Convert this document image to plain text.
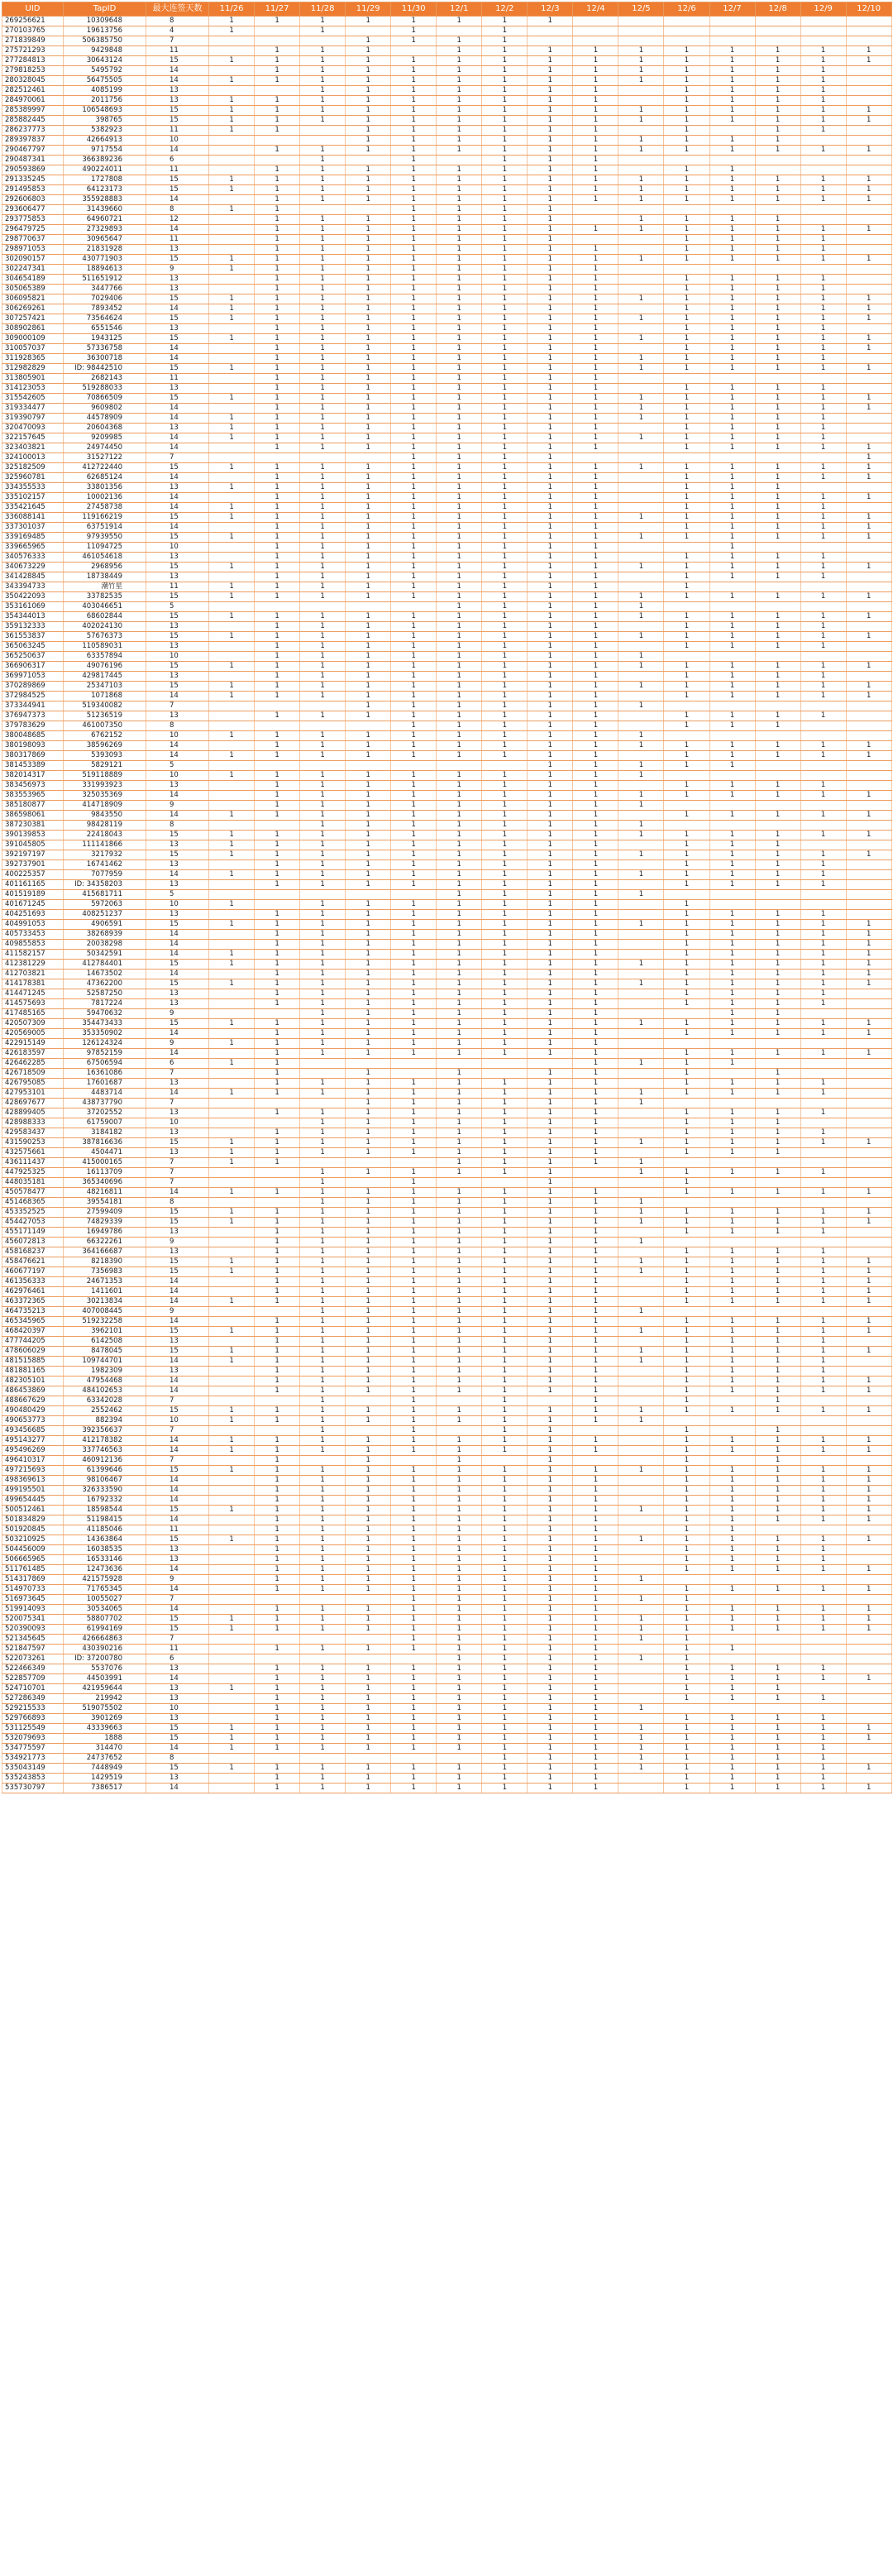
UID	TapID	最大连签天数	11/26	11/27	11/28	11/29	11/30	12/1	12/2	12/3	12/4	12/5	12/6	12/7	12/8	12/9	12/10
269256621	10309648	8	1	1	1	1	1	1	1	1							
270103765	19613756	4	1		1		1		1								
271839849	506385750	7				1	1	1	1								
275721293	9429848	11		1	1	1		1	1	1	1	1	1	1	1	1	1
277284813	30643124	15	1	1	1	1	1	1	1	1	1	1	1	1	1	1	1
279818253	5495792	14		1	1	1	1	1	1	1	1	1	1	1	1	1	
280328045	56475505	14	1	1	1	1	1	1	1	1	1	1	1	1	1	1	
282512461	4085199	13			1	1	1	1	1	1	1		1	1	1	1	
284970061	2011756	13	1	1	1	1	1	1	1	1	1		1	1	1	1	
285389997	106548693	15	1	1	1	1	1	1	1	1	1	1	1	1	1	1	1
285882445	398765	15	1	1	1	1	1	1	1	1	1	1	1	1	1	1	1
286237773	5382923	11	1	1		1	1	1	1	1	1		1		1	1	
289397837	42664913	10				1	1	1	1	1	1	1	1	1	1		
290467797	9717554	14		1	1	1	1	1	1	1	1	1	1	1	1	1	1
290487341	366389236	6			1		1		1	1	1						
290593869	490224011	11		1	1	1	1	1	1	1	1		1	1			
291335245	1727808	15	1	1	1	1	1	1	1	1	1	1	1	1	1	1	1
291495853	64123173	15	1	1	1	1	1	1	1	1	1	1	1	1	1	1	1
292606803	355928883	14		1	1	1	1	1	1	1	1	1	1	1	1	1	1
293606477	31439660	8	1	1			1	1	1	1							
293775853	64960721	12		1	1	1	1	1	1	1		1	1	1	1		
296479725	27329893	14		1	1	1	1	1	1	1	1	1	1	1	1	1	1
298770637	30965647	11		1	1	1	1	1	1	1			1	1	1	1	
298971053	21831928	13		1	1	1	1	1	1	1	1		1	1	1	1	
302090157	430771903	15	1	1	1	1	1	1	1	1	1	1	1	1	1	1	1
302247341	18894613	9	1	1	1	1	1	1	1	1	1						
304654189	511651912	13		1	1	1	1	1	1	1	1		1	1	1	1	
305065389	3447766	13		1	1	1	1	1	1	1	1		1	1	1	1	
306095821	7029406	15	1	1	1	1	1	1	1	1	1	1	1	1	1	1	1
306269261	7893452	14	1	1	1	1	1	1	1	1	1		1	1	1	1	1
307257421	73564624	15	1	1	1	1	1	1	1	1	1	1	1	1	1	1	1
308902861	6551546	13		1	1	1	1	1	1	1	1		1	1	1	1	
309000109	1943125	15	1	1	1	1	1	1	1	1	1	1	1	1	1	1	1
310057037	57336758	14		1	1	1	1	1	1	1	1		1	1	1	1	1
311928365	36300718	14		1	1	1	1	1	1	1	1	1	1	1	1	1	
312982829	ID: 98442510	15	1	1	1	1	1	1	1	1	1	1	1	1	1	1	1
313805901	2682143	11		1	1	1	1	1	1	1	1						
314123053	519288033	13		1	1	1	1	1	1	1	1		1	1	1	1	
315542605	70866509	15	1	1	1	1	1	1	1	1	1	1	1	1	1	1	1
319334477	9609802	14		1	1	1	1	1	1	1	1	1	1	1	1	1	1
319390797	44578909	14	1	1	1	1	1	1	1	1	1	1	1	1	1	1	
320470093	20604368	13	1	1	1	1	1	1	1	1	1		1	1	1	1	
322157645	9209985	14	1	1	1	1	1	1	1	1	1	1	1	1	1	1	
323403821	24974450	14		1	1	1	1	1	1	1	1		1	1	1	1	1
324100013	31527122	7					1	1	1	1							1
325182509	412722440	15	1	1	1	1	1	1	1	1	1	1	1	1	1	1	1
325960781	62685124	14		1	1	1	1	1	1	1	1		1	1	1	1	1
334355533	33801356	13	1	1	1	1	1	1	1	1	1		1	1	1		
335102157	10002136	14		1	1	1	1	1	1	1	1		1	1	1	1	1
335421645	27458738	14	1	1	1	1	1	1	1	1	1		1	1	1	1	
336088141	119166219	15	1	1	1	1	1	1	1	1	1	1	1	1	1	1	1
337301037	63751914	14		1	1	1	1	1	1	1	1		1	1	1	1	1
339169485	97939550	15	1	1	1	1	1	1	1	1	1	1	1	1	1	1	1
339665965	11094725	10		1	1	1	1	1	1	1	1			1			
340576333	461054618	13		1	1	1	1	1	1	1	1		1	1	1	1	
340673229	2968956	15	1	1	1	1	1	1	1	1	1	1	1	1	1	1	1
341428845	18738449	13		1	1	1	1	1	1	1	1		1	1	1	1	
343394733	潮竹星	11	1	1	1	1	1	1	1	1	1		1				
350422093	33782535	15	1	1	1	1	1	1	1	1	1	1	1	1	1	1	1
353161069	403046651	5						1	1	1	1	1					
354344013	68602844	15	1	1	1	1	1	1	1	1	1	1	1	1	1	1	1
359132333	402024130	13		1	1	1	1	1	1	1	1		1	1	1	1	
361553837	57676373	15	1	1	1	1	1	1	1	1	1	1	1	1	1	1	1
365063245	110589031	13		1	1	1	1	1	1	1	1		1	1	1	1	
365250637	63357894	10		1	1	1	1	1	1	1	1	1					
366906317	49076196	15	1	1	1	1	1	1	1	1	1	1	1	1	1	1	1
369971053	429817445	13		1	1	1	1	1	1	1	1		1	1	1	1	
370289869	25347103	15	1	1	1	1	1	1	1	1	1	1	1	1	1	1	1
372984525	1071868	14	1	1	1	1	1	1	1	1	1		1	1	1	1	1
373344941	519340082	7				1	1	1	1	1	1	1					
376947373	51236519	13		1	1	1	1	1	1	1	1		1	1	1	1	
379783629	461007350	8					1	1	1	1	1		1	1	1		
380048685	6762152	10	1	1	1	1	1	1	1	1	1	1					
380198093	38596269	14		1	1	1	1	1	1	1	1	1	1	1	1	1	1
380317869	5393093	14	1	1	1	1	1	1	1	1	1		1	1	1	1	1
381453389	5829121	5								1	1	1	1	1			
382014317	519118889	10	1	1	1	1	1	1	1	1	1	1					
383456973	331993923	13		1	1	1	1	1	1	1	1		1	1	1	1	
383553965	325035369	14		1	1	1	1	1	1	1	1	1	1	1	1	1	1
385180877	414718909	9		1	1	1	1	1	1	1	1	1					
386598061	9843550	14	1	1	1	1	1	1	1	1	1		1	1	1	1	1
387230381	98428119	8			1	1	1	1	1	1	1	1					
390139853	22418043	15	1	1	1	1	1	1	1	1	1	1	1	1	1	1	1
391045805	111141866	13	1	1	1	1	1	1	1	1	1		1	1	1		
392197197	3217932	15	1	1	1	1	1	1	1	1	1	1	1	1	1	1	1
392737901	16741462	13		1	1	1	1	1	1	1	1		1	1	1	1	
400225357	7077959	14	1	1	1	1	1	1	1	1	1	1	1	1	1	1	
401161165	ID: 34358203	13		1	1	1	1	1	1	1	1		1	1	1	1	
401519189	415681711	5						1	1	1	1	1					
401671245	5972063	10	1		1	1	1	1	1	1	1		1				
404251693	408251237	13		1	1	1	1	1	1	1	1		1	1	1	1	
404991053	4906591	15	1	1	1	1	1	1	1	1	1	1	1	1	1	1	1
405733453	38268939	14		1	1	1	1	1	1	1	1		1	1	1	1	1
409855853	20038298	14		1	1	1	1	1	1	1	1		1	1	1	1	1
411582157	50342591	14	1	1	1	1	1	1	1	1	1		1	1	1	1	1
412381229	412784401	15	1	1	1	1	1	1	1	1	1	1	1	1	1	1	1
412703821	14673502	14		1	1	1	1	1	1	1	1		1	1	1	1	1
414178381	47362200	15	1	1	1	1	1	1	1	1	1	1	1	1	1	1	1
414471245	52587250	13		1	1	1	1	1	1	1	1		1	1	1	1	
414575693	7817224	13		1	1	1	1	1	1	1	1		1	1	1	1	
417485165	59470632	9			1	1	1	1	1	1	1			1	1		
420507309	354473433	15	1	1	1	1	1	1	1	1	1	1	1	1	1	1	1
420569005	353350902	14		1	1	1	1	1	1	1	1		1	1	1	1	1
422915149	126124324	9	1	1	1	1	1	1	1	1	1						
426183597	97852159	14		1	1	1	1	1	1	1	1		1	1	1	1	1
426462285	67506594	6	1	1							1	1	1	1			
426718509	16361086	7		1		1		1		1	1		1		1		
426795085	17601687	13		1	1	1	1	1	1	1	1		1	1	1	1	
427953101	4483714	14	1	1	1	1	1	1	1	1	1	1	1	1	1	1	
428697677	438737790	7				1	1	1	1	1	1	1					
428899405	37202552	13		1	1	1	1	1	1	1	1		1	1	1	1	
428988333	61759007	10			1	1	1	1	1	1	1		1	1	1		
429583437	3184182	13		1	1	1	1	1	1	1	1		1	1	1	1	
431590253	387816636	15	1	1	1	1	1	1	1	1	1	1	1	1	1	1	1
432575661	4504471	13	1	1	1	1	1	1	1	1	1		1	1	1		
436111437	415000165	7	1	1				1	1	1	1	1					
447925325	16113709	7			1	1	1	1	1	1		1	1	1	1	1	
448035181	365340696	7			1		1			1			1				
450578477	48216811	14	1	1	1	1	1	1	1	1	1		1	1	1	1	1
451468365	39554181	8			1	1	1	1	1	1	1	1					
453352525	27599409	15	1	1	1	1	1	1	1	1	1	1	1	1	1	1	1
454427053	74829339	15	1	1	1	1	1	1	1	1	1	1	1	1	1	1	1
455171149	16949786	13		1	1	1	1	1	1	1	1		1	1	1	1	
456072813	66322261	9		1	1	1	1	1	1	1	1	1					
458168237	364166687	13		1	1	1	1	1	1	1	1		1	1	1	1	
458476621	8218390	15	1	1	1	1	1	1	1	1	1	1	1	1	1	1	1
460677197	7356983	15	1	1	1	1	1	1	1	1	1	1	1	1	1	1	1
461356333	24671353	14		1	1	1	1	1	1	1	1		1	1	1	1	1
462976461	1411601	14		1	1	1	1	1	1	1	1		1	1	1	1	1
463372365	30213834	14	1	1	1	1	1	1	1	1	1		1	1	1	1	1
464735213	407008445	9			1	1	1	1	1	1	1	1					
465345965	519232258	14		1	1	1	1	1	1	1	1		1	1	1	1	1
468420397	3962101	15	1	1	1	1	1	1	1	1	1	1	1	1	1	1	1
477744205	6142508	13		1	1	1	1	1	1	1	1		1	1	1	1	
478606029	8478045	15	1	1	1	1	1	1	1	1	1	1	1	1	1	1	1
481515885	109744701	14	1	1	1	1	1	1	1	1	1	1	1	1	1	1	
481881165	1982309	13		1	1	1	1	1	1	1	1		1	1	1	1	
482305101	47954468	14		1	1	1	1	1	1	1	1		1	1	1	1	1
486453869	484102653	14		1	1	1	1	1	1	1	1		1	1	1	1	1
488667629	63342028	7			1		1		1		1		1		1		
490480429	2552462	15	1	1	1	1	1	1	1	1	1	1	1	1	1	1	1
490653773	882394	10	1	1	1	1	1	1	1	1	1	1					
493456685	392356637	7			1		1		1	1			1		1		
495143277	412178382	14	1	1	1	1	1	1	1	1	1		1	1	1	1	1
495496269	337746563	14	1	1	1	1	1	1	1	1	1		1	1	1	1	1
496410317	460912136	7		1		1		1		1			1		1		
497215693	61399646	15	1	1	1	1	1	1	1	1	1	1	1	1	1	1	1
498369613	98106467	14		1	1	1	1	1	1	1	1		1	1	1	1	1
499195501	326333590	14		1	1	1	1	1	1	1	1		1	1	1	1	1
499654445	16792332	14		1	1	1	1	1	1	1	1		1	1	1	1	1
500512461	18598544	15	1	1	1	1	1	1	1	1	1	1	1	1	1	1	1
501834829	51198415	14		1	1	1	1	1	1	1	1		1	1	1	1	1
501920845	41185046	11		1	1	1	1	1	1	1	1		1	1			
503210925	14363864	15	1	1	1	1	1	1	1	1	1	1	1	1	1	1	1
504456009	16038535	13		1	1	1	1	1	1	1	1		1	1	1	1	
506665965	16533146	13		1	1	1	1	1	1	1	1		1	1	1	1	
511761485	12473636	14		1	1	1	1	1	1	1	1		1	1	1	1	1
514317869	421575928	9		1	1	1	1	1	1	1	1	1					
514970733	71765345	14		1	1	1	1	1	1	1	1		1	1	1	1	1
516973645	10055027	7					1	1	1	1	1	1	1				
519914093	30534065	14		1	1	1	1	1	1	1	1		1	1	1	1	1
520075341	58807702	15	1	1	1	1	1	1	1	1	1	1	1	1	1	1	1
520390093	61994169	15	1	1	1	1	1	1	1	1	1	1	1	1	1	1	1
521345645	426664863	7					1	1	1	1	1	1	1				
521847597	430390216	11		1	1	1	1	1	1	1	1		1	1			
522073261	ID: 37200780	6						1	1	1	1	1	1				
522466349	5537076	13		1	1	1	1	1	1	1	1		1	1	1	1	
522857709	44503991	14		1	1	1	1	1	1	1	1		1	1	1	1	1
524710701	421959644	13	1	1	1	1	1	1	1	1	1		1	1	1		
527286349	219942	13		1	1	1	1	1	1	1	1		1	1	1	1	
529215533	519075502	10		1	1	1	1	1	1	1	1	1					
529766893	3901269	13		1	1	1	1	1	1	1	1		1	1	1	1	
531125549	43339663	15	1	1	1	1	1	1	1	1	1	1	1	1	1	1	1
532079693	1888	15	1	1	1	1	1	1	1	1	1	1	1	1	1	1	1
534775597	314470	14	1	1	1	1	1	1	1	1	1	1	1	1	1	1	
534921773	24737652	8							1	1	1	1	1	1	1	1	
535043149	7448949	15	1	1	1	1	1	1	1	1	1	1	1	1	1	1	1
535243853	1429519	13		1	1	1	1	1	1	1	1		1	1	1	1	
535730797	7386517	14		1	1	1	1	1	1	1	1		1	1	1	1	1
